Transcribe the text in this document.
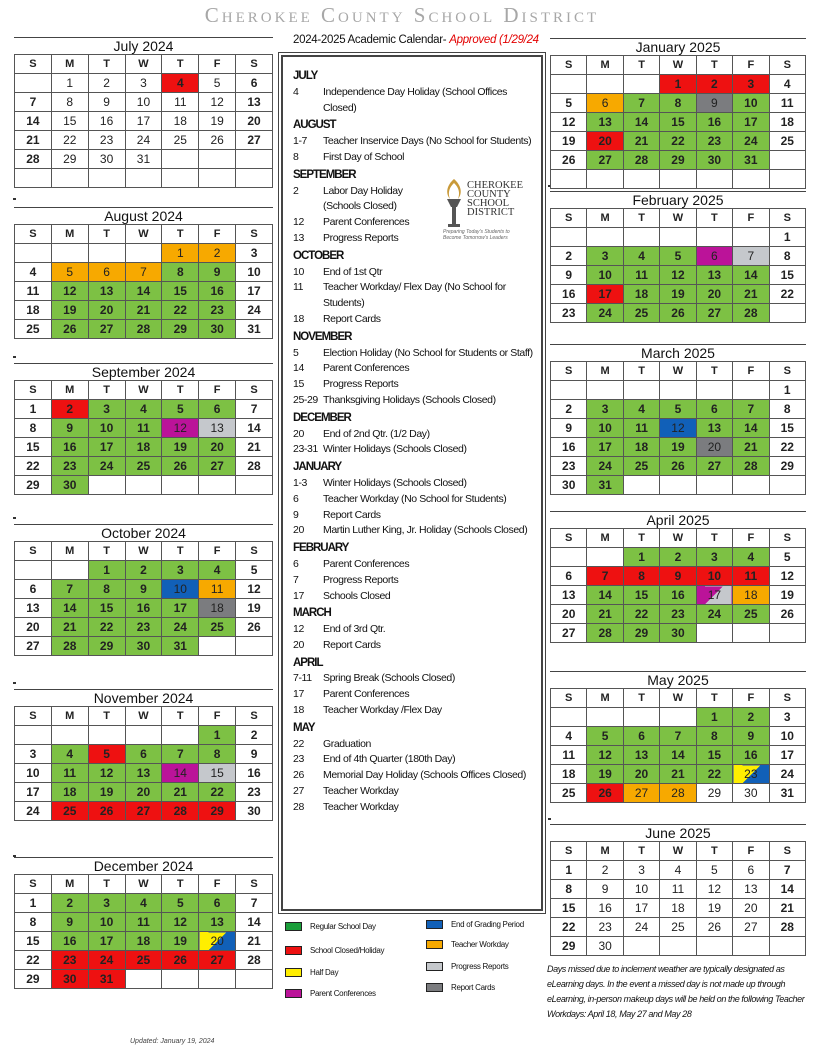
Cherokee County School District
July 2024
S	M	T	W	T	F	S
	1	2	3	4	5	6
7	8	9	10	11	12	13
14	15	16	17	18	19	20
21	22	23	24	25	26	27
28	29	30	31			

August 2024
S	M	T	W	T	F	S
				1	2	3
4	5	6	7	8	9	10
11	12	13	14	15	16	17
18	19	20	21	22	23	24
25	26	27	28	29	30	31
September 2024
S	M	T	W	T	F	S
1	2	3	4	5	6	7
8	9	10	11	12	13	14
15	16	17	18	19	20	21
22	23	24	25	26	27	28
29	30					
October 2024
S	M	T	W	T	F	S
		1	2	3	4	5
6	7	8	9	10	11	12
13	14	15	16	17	18	19
20	21	22	23	24	25	26
27	28	29	30	31		
November 2024
S	M	T	W	T	F	S
					1	2
3	4	5	6	7	8	9
10	11	12	13	14	15	16
17	18	19	20	21	22	23
24	25	26	27	28	29	30
December 2024
S	M	T	W	T	F	S
1	2	3	4	5	6	7
8	9	10	11	12	13	14
15	16	17	18	19	20	21
22	23	24	25	26	27	28
29	30	31				
January 2025
S	M	T	W	T	F	S
			1	2	3	4
5	6	7	8	9	10	11
12	13	14	15	16	17	18
19	20	21	22	23	24	25
26	27	28	29	30	31	

February 2025
S	M	T	W	T	F	S
						1
2	3	4	5	6	7	8
9	10	11	12	13	14	15
16	17	18	19	20	21	22
23	24	25	26	27	28	
March 2025
S	M	T	W	T	F	S
						1
2	3	4	5	6	7	8
9	10	11	12	13	14	15
16	17	18	19	20	21	22
23	24	25	26	27	28	29
30	31					
April 2025
S	M	T	W	T	F	S
		1	2	3	4	5
6	7	8	9	10	11	12
13	14	15	16	17	18	19
20	21	22	23	24	25	26
27	28	29	30			
May 2025
S	M	T	W	T	F	S
				1	2	3
4	5	6	7	8	9	10
11	12	13	14	15	16	17
18	19	20	21	22	23	24
25	26	27	28	29	30	31
June 2025
S	M	T	W	T	F	S
1	2	3	4	5	6	7
8	9	10	11	12	13	14
15	16	17	18	19	20	21
22	23	24	25	26	27	28
29	30					
2024-2025 Academic Calendar- Approved (1/29/24
JULY
4	Independence Day Holiday (School Offices Closed)
AUGUST
1-7	Teacher Inservice Days (No School for Students)
8	First Day of School
SEPTEMBER
2	Labor Day Holiday (Schools Closed)
12	Parent Conferences
13	Progress Reports
OCTOBER
10	End of 1st Qtr
11	Teacher Workday/ Flex Day (No School for Students)
18	Report Cards
NOVEMBER
5	Election Holiday (No School for Students or Staff)
14	Parent Conferences
15	Progress Reports
25-29 Thanksgiving Holidays (Schools Closed)
DECEMBER
20	End of 2nd Qtr. (1/2 Day)
23-31 Winter Holidays (Schools Closed)
JANUARY
1-3	Winter Holidays (Schools Closed)
6	Teacher Workday (No School for Students)
9	Report Cards
20	Martin Luther King, Jr. Holiday (Schools Closed)
FEBRUARY
6	Parent Conferences
7	Progress Reports
17	Schools Closed
MARCH
12	End of 3rd Qtr.
20	Report Cards
APRIL
7-11	Spring Break (Schools Closed)
17	Parent Conferences
18	Teacher Workday /Flex Day
MAY
22	Graduation
23	End of 4th Quarter (180th Day)
26	Memorial Day Holiday (Schools Offices Closed)
27	Teacher Workday
28	Teacher Workday
CHEROKEE COUNTY SCHOOL DISTRICT
Preparing Today's Students to Become Tomorrow's Leaders
Regular School Day
School Closed/Holiday
Half Day
Parent Conferences
End of Grading Period
Teacher Workday
Progress Reports
Report Cards
Days missed due to inclement weather are typically designated as eLearning days. In the event a missed day is not made up through eLearning, in-person makeup days will be held on the following Teacher Workdays: April 18, May 27 and May 28
Updated: January 19, 2024
